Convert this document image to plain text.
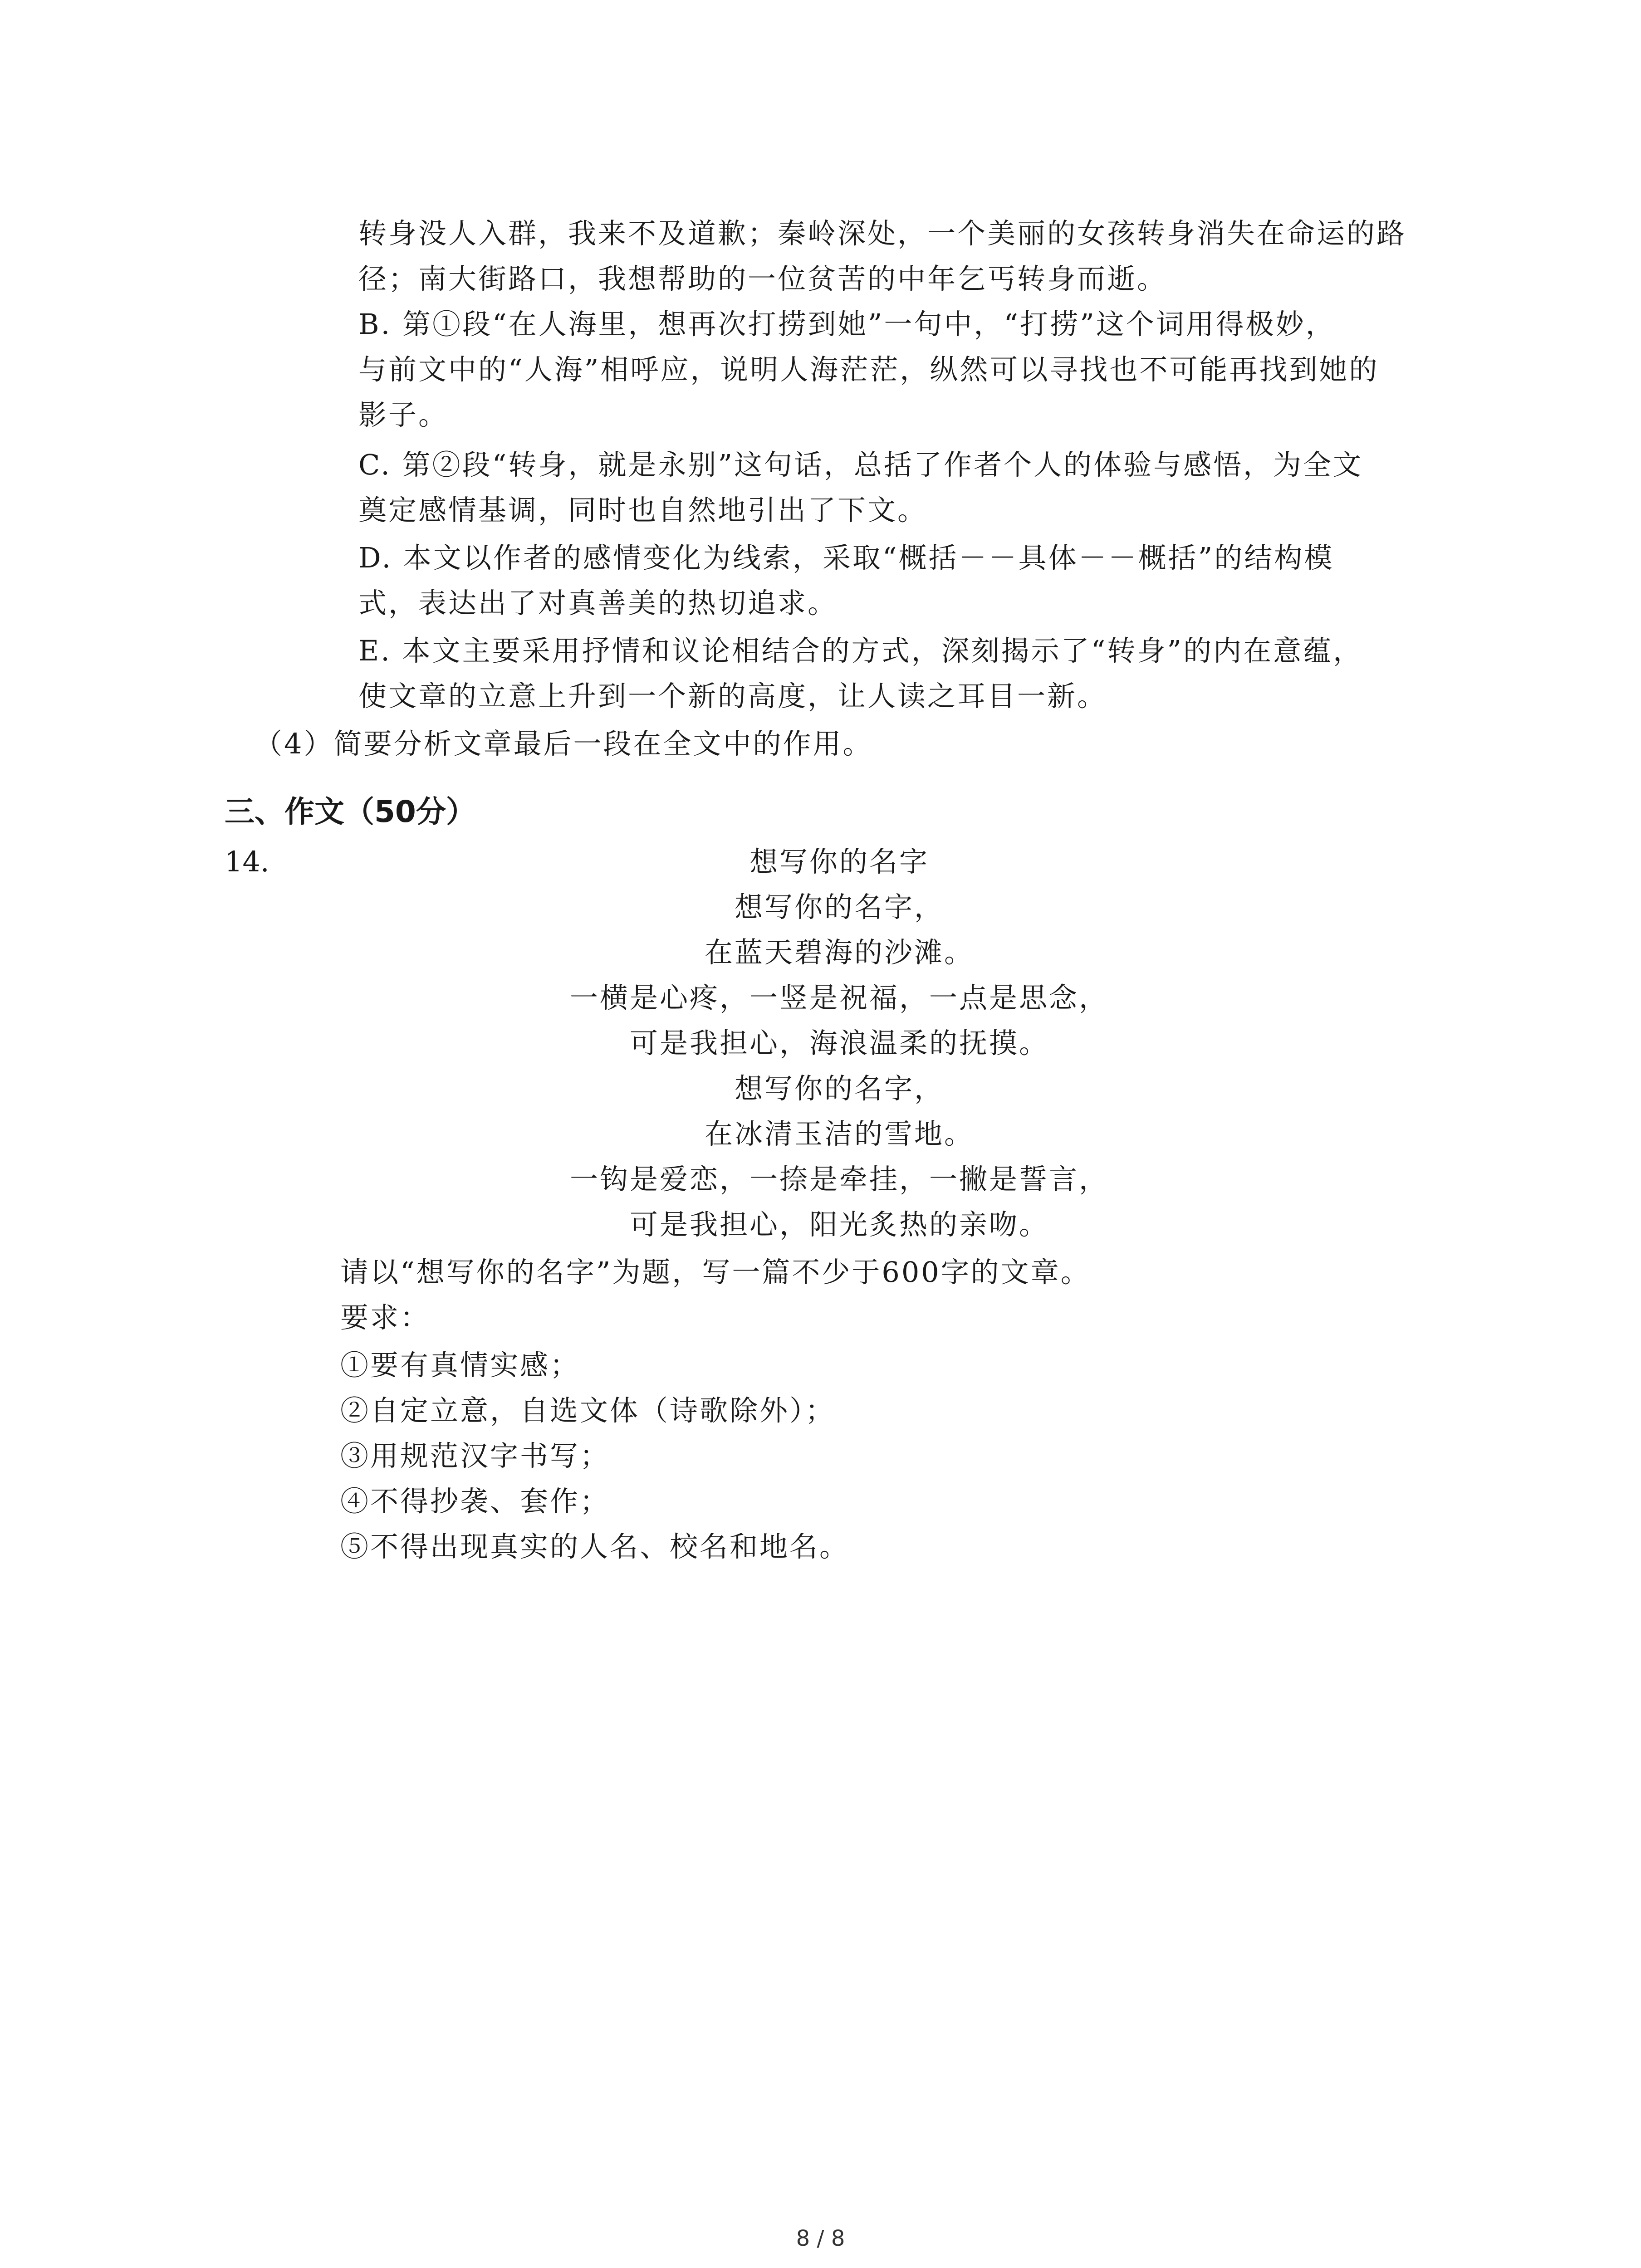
转身没人入群，我来不及道歉；秦岭深处，一个美丽的女孩转身消失在命运的路
径；南大街路口，我想帮助的一位贫苦的中年乞丐转身而逝。
B. 第①段“在人海里，想再次打捞到她”一句中，“打捞”这个词用得极妙，
与前文中的“人海”相呼应，说明人海茫茫，纵然可以寻找也不可能再找到她的
影子。
C. 第②段“转身，就是永别”这句话，总括了作者个人的体验与感悟，为全文
奠定感情基调，同时也自然地引出了下文。
D. 本文以作者的感情变化为线索，采取“概括－－具体－－概括”的结构模
式，表达出了对真善美的热切追求。
E. 本文主要采用抒情和议论相结合的方式，深刻揭示了“转身”的内在意蕴，
使文章的立意上升到一个新的高度，让人读之耳目一新。
（4）简要分析文章最后一段在全文中的作用。
三、作文（50分）
14.	想写你的名字
想写你的名字，
在蓝天碧海的沙滩。
一横是心疼，一竖是祝福，一点是思念，
可是我担心，海浪温柔的抚摸。
想写你的名字，
在冰清玉洁的雪地。
一钩是爱恋，一捺是牵挂，一撇是誓言，
可是我担心，阳光炙热的亲吻。
请以“想写你的名字”为题，写一篇不少于600字的文章。
要求：
①要有真情实感；
②自定立意，自选文体（诗歌除外）；
③用规范汉字书写；
④不得抄袭、套作；
⑤不得出现真实的人名、校名和地名。
8 / 8
